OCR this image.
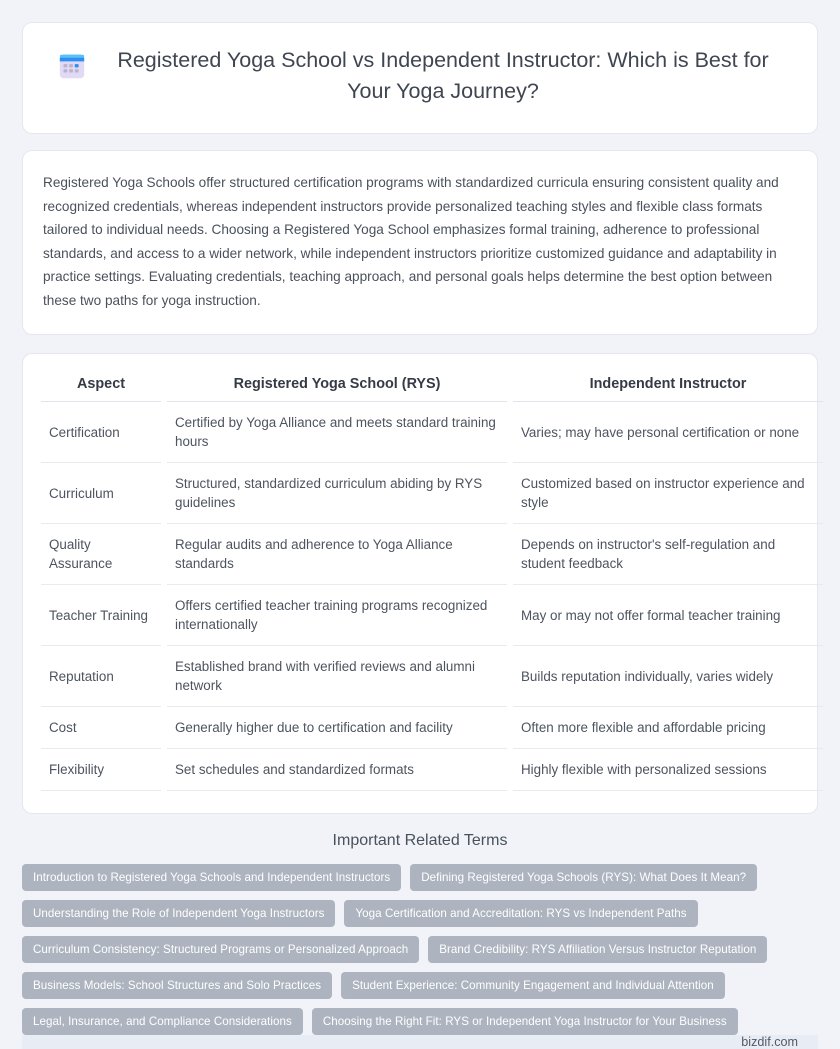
Registered Yoga School vs Independent Instructor: Which is Best for Your Yoga Journey?

Registered Yoga Schools offer structured certification programs with standardized curricula ensuring consistent quality and recognized credentials, whereas independent instructors provide personalized teaching styles and flexible class formats tailored to individual needs. Choosing a Registered Yoga School emphasizes formal training, adherence to professional standards, and access to a wider network, while independent instructors prioritize customized guidance and adaptability in practice settings. Evaluating credentials, teaching approach, and personal goals helps determine the best option between these two paths for yoga instruction.

Aspect	Registered Yoga School (RYS)	Independent Instructor
Certification	Certified by Yoga Alliance and meets standard training hours	Varies; may have personal certification or none
Curriculum	Structured, standardized curriculum abiding by RYS guidelines	Customized based on instructor experience and style
Quality Assurance	Regular audits and adherence to Yoga Alliance standards	Depends on instructor's self-regulation and student feedback
Teacher Training	Offers certified teacher training programs recognized internationally	May or may not offer formal teacher training
Reputation	Established brand with verified reviews and alumni network	Builds reputation individually, varies widely
Cost	Generally higher due to certification and facility	Often more flexible and affordable pricing
Flexibility	Set schedules and standardized formats	Highly flexible with personalized sessions
Important Related Terms
Introduction to Registered Yoga Schools and Independent Instructors	Defining Registered Yoga Schools (RYS): What Does It Mean?
Understanding the Role of Independent Yoga Instructors	Yoga Certification and Accreditation: RYS vs Independent Paths
Curriculum Consistency: Structured Programs or Personalized Approach	Brand Credibility: RYS Affiliation Versus Instructor Reputation
Business Models: School Structures and Solo Practices	Student Experience: Community Engagement and Individual Attention
Legal, Insurance, and Compliance Considerations	Choosing the Right Fit: RYS or Independent Yoga Instructor for Your Business
bizdif.com
